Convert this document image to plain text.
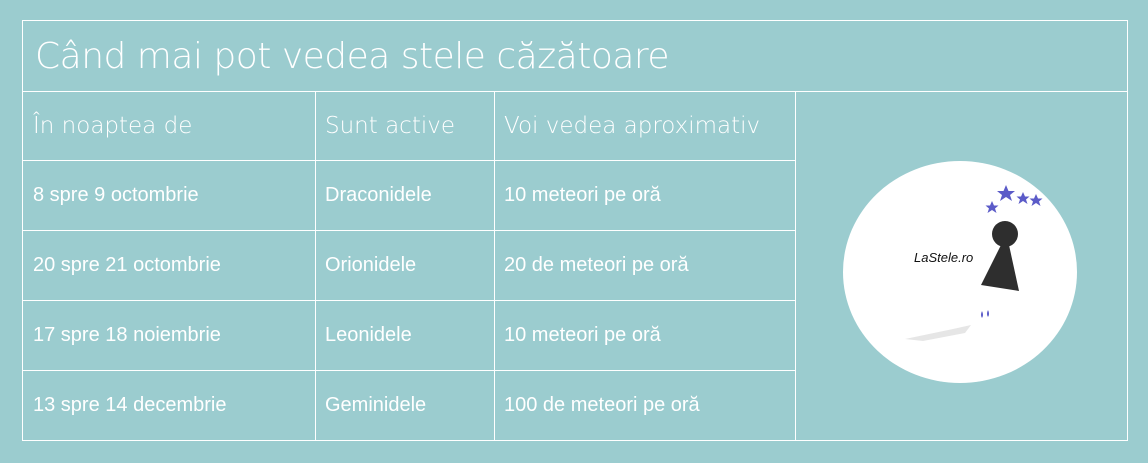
Când mai pot vedea stele căzătoare
În noaptea de	Sunt active	Voi vedea aproximativ
8 spre 9 octombrie	Draconidele	10 meteori pe oră
20 spre 21 octombrie	Orionidele	20 de meteori pe oră
17 spre 18 noiembrie	Leonidele	10 meteori pe oră
13 spre 14 decembrie	Geminidele	100 de meteori pe oră
LaStele.ro
